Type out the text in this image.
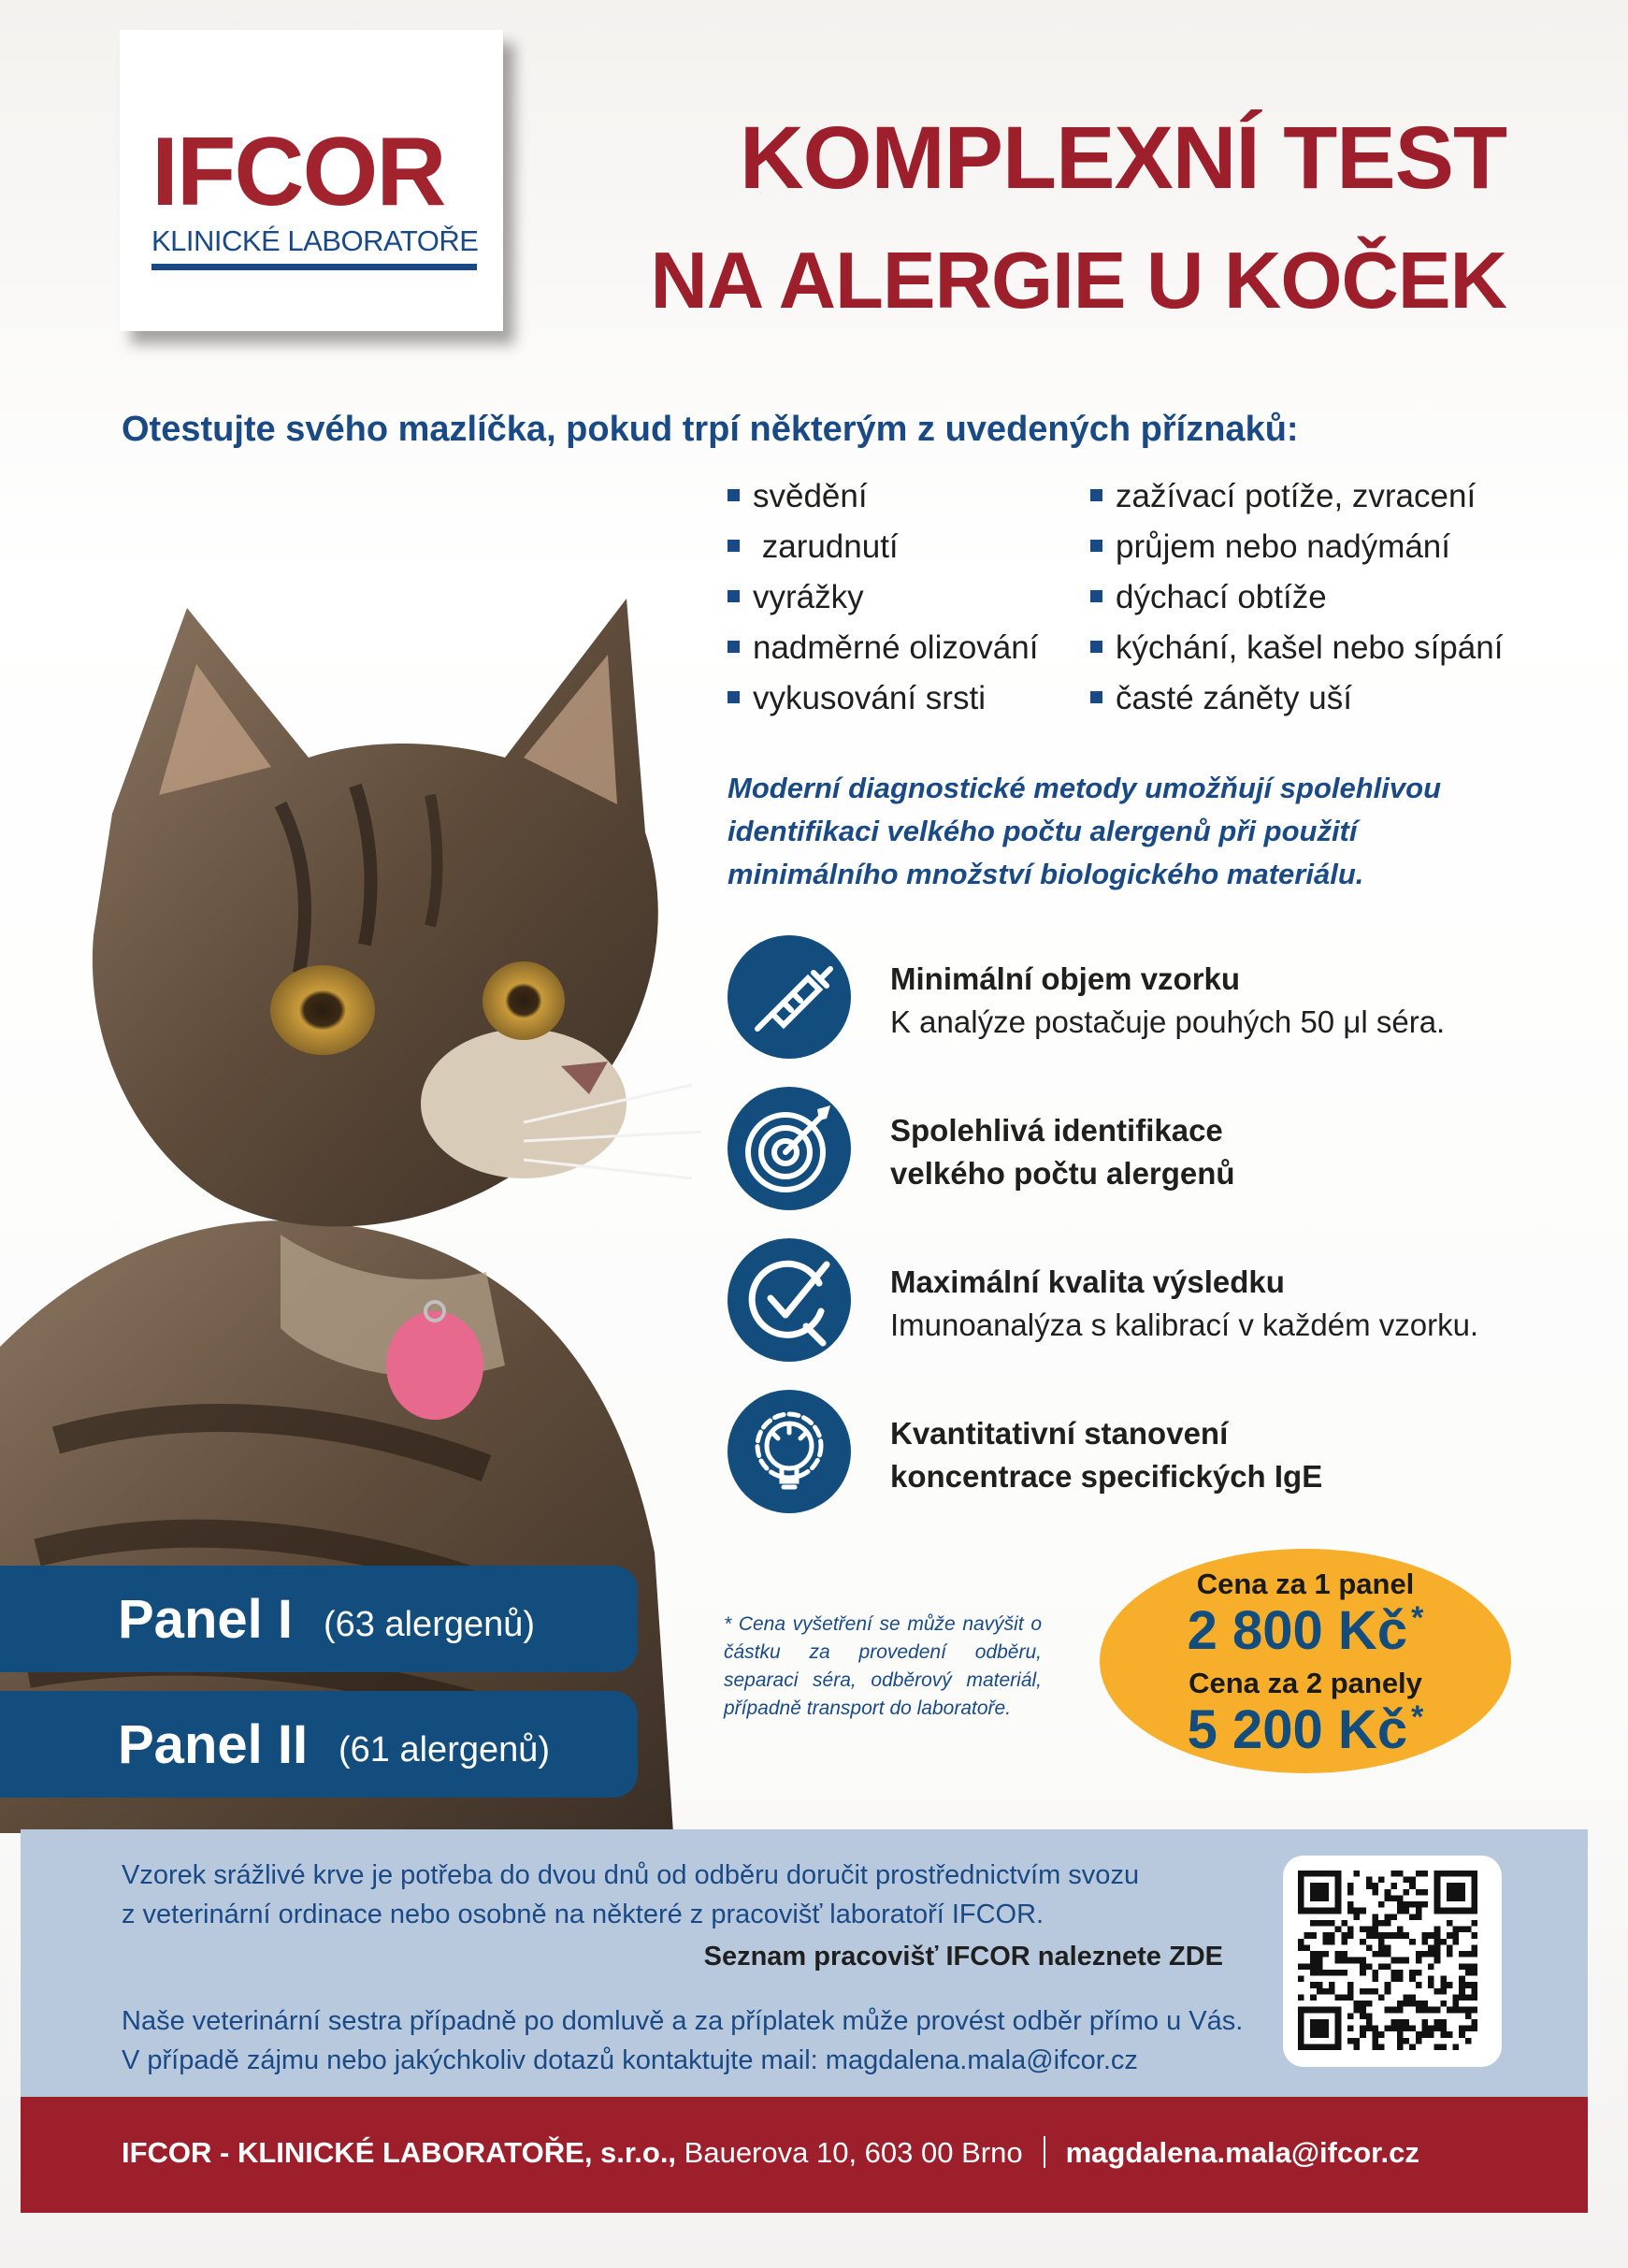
IFCOR
KLINICKÉ LABORATOŘE
KOMPLEXNÍ TEST
NA ALERGIE U KOČEK
Otestujte svého mazlíčka, pokud trpí některým z uvedených příznaků:
svědění
zarudnutí
vyrážky
nadměrné olizování
vykusování srsti
zažívací potíže, zvracení
průjem nebo nadýmání
dýchací obtíže
kýchání, kašel nebo sípání
časté záněty uší
Moderní diagnostické metody umožňují spolehlivou
identifikaci velkého počtu alergenů při použití
minimálního množství biologického materiálu.
Minimální objem vzorku
K analýze postačuje pouhých 50 μl séra.
Spolehlivá identifikace
velkého počtu alergenů
Maximální kvalita výsledku
Imunoanalýza s kalibrací v každém vzorku.
Kvantitativní stanovení
koncentrace specifických IgE
Panel I (63 alergenů)
Panel II (61 alergenů)
* Cena vyšetření se může navýšit o částku za provedení odběru, separaci séra, odběrový materiál, případně transport do laboratoře.
Cena za 1 panel
2 800 Kč *
Cena za 2 panely
5 200 Kč *
Vzorek srážlivé krve je potřeba do dvou dnů od odběru doručit prostřednictvím svozu
z veterinární ordinace nebo osobně na některé z pracovišť laboratoří IFCOR.
Seznam pracovišť IFCOR naleznete ZDE
Naše veterinární sestra případně po domluvě a za příplatek může provést odběr přímo u Vás.
V případě zájmu nebo jakýchkoliv dotazů kontaktujte mail: magdalena.mala@ifcor.cz
IFCOR - KLINICKÉ LABORATOŘE, s.r.o., Bauerova 10, 603 00 Brno magdalena.mala@ifcor.cz
